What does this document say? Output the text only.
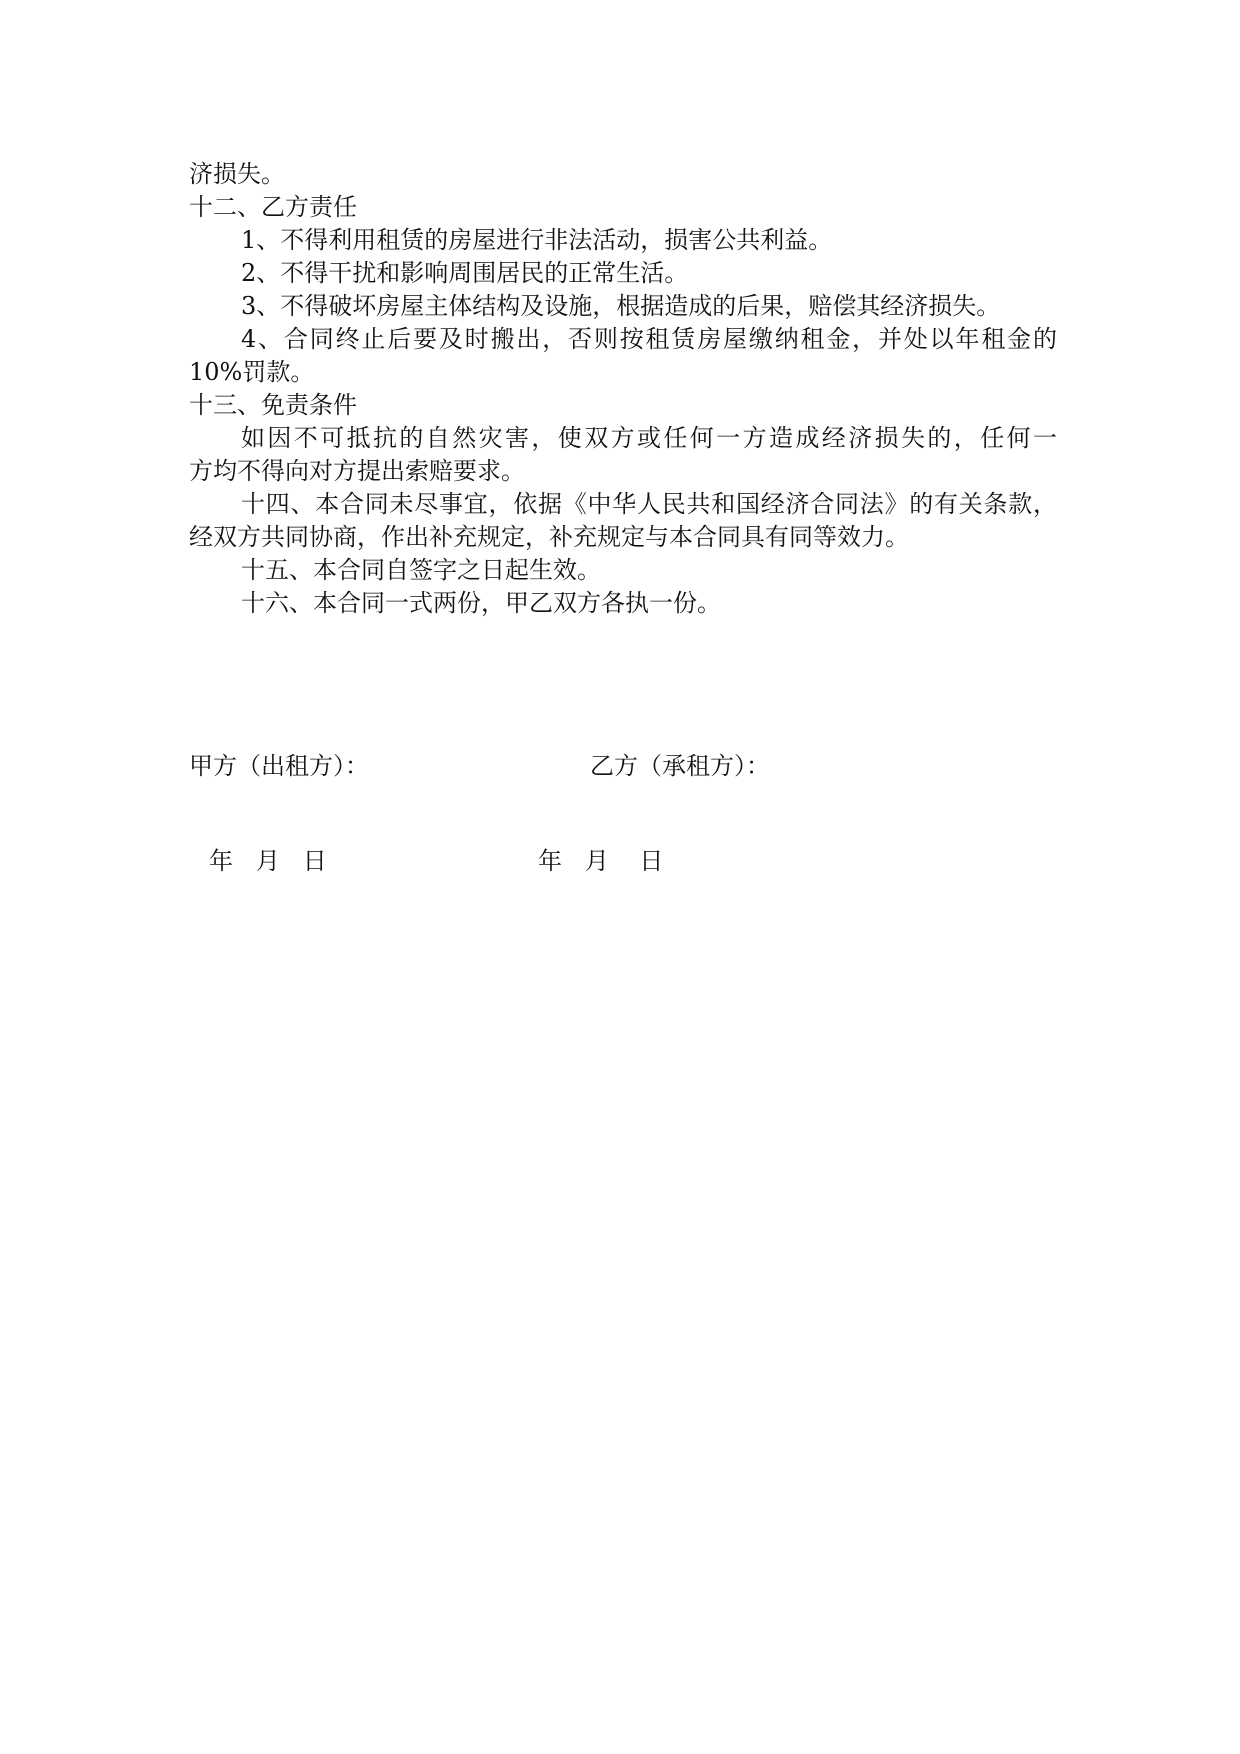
济损失。
十二、乙方责任
1、不得利用租赁的房屋进行非法活动，损害公共利益。
2、不得干扰和影响周围居民的正常生活。
3、不得破坏房屋主体结构及设施，根据造成的后果，赔偿其经济损失。
4、合同终止后要及时搬出，否则按租赁房屋缴纳租金，并处以年租金的
10%罚款。
十三、免责条件
如因不可抵抗的自然灾害，使双方或任何一方造成经济损失的，任何一
方均不得向对方提出索赔要求。
十四、本合同未尽事宜，依据《中华人民共和国经济合同法》的有关条款，
经双方共同协商，作出补充规定，补充规定与本合同具有同等效力。
十五、本合同自签字之日起生效。
十六、本合同一式两份，甲乙双方各执一份。
甲方（出租方）：	乙方（承租方）：
年   月   日	年   月    日
